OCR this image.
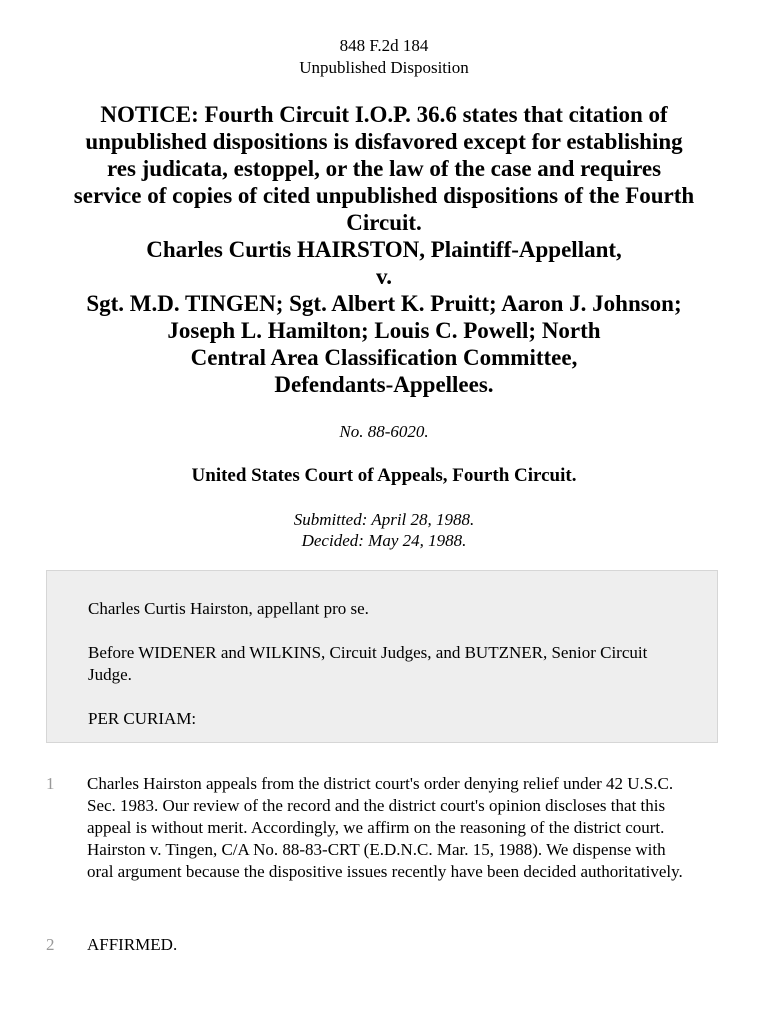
848 F.2d 184
Unpublished Disposition
NOTICE: Fourth Circuit I.O.P. 36.6 states that citation of
unpublished dispositions is disfavored except for establishing
res judicata, estoppel, or the law of the case and requires
service of copies of cited unpublished dispositions of the Fourth
Circuit.
Charles Curtis HAIRSTON, Plaintiff-Appellant,
v.
Sgt. M.D. TINGEN; Sgt. Albert K. Pruitt; Aaron J. Johnson;
Joseph L. Hamilton; Louis C. Powell; North
Central Area Classification Committee,
Defendants-Appellees.
No. 88-6020.
United States Court of Appeals, Fourth Circuit.
Submitted: April 28, 1988.
Decided: May 24, 1988.

Charles Curtis Hairston, appellant pro se.

Before WIDENER and WILKINS, Circuit Judges, and BUTZNER, Senior Circuit Judge.

PER CURIAM:

1 Charles Hairston appeals from the district court's order denying relief under 42 U.S.C. Sec. 1983. Our review of the record and the district court's opinion discloses that this appeal is without merit. Accordingly, we affirm on the reasoning of the district court. Hairston v. Tingen, C/A No. 88-83-CRT (E.D.N.C. Mar. 15, 1988). We dispense with oral argument because the dispositive issues recently have been decided authoritatively.

2 AFFIRMED.
